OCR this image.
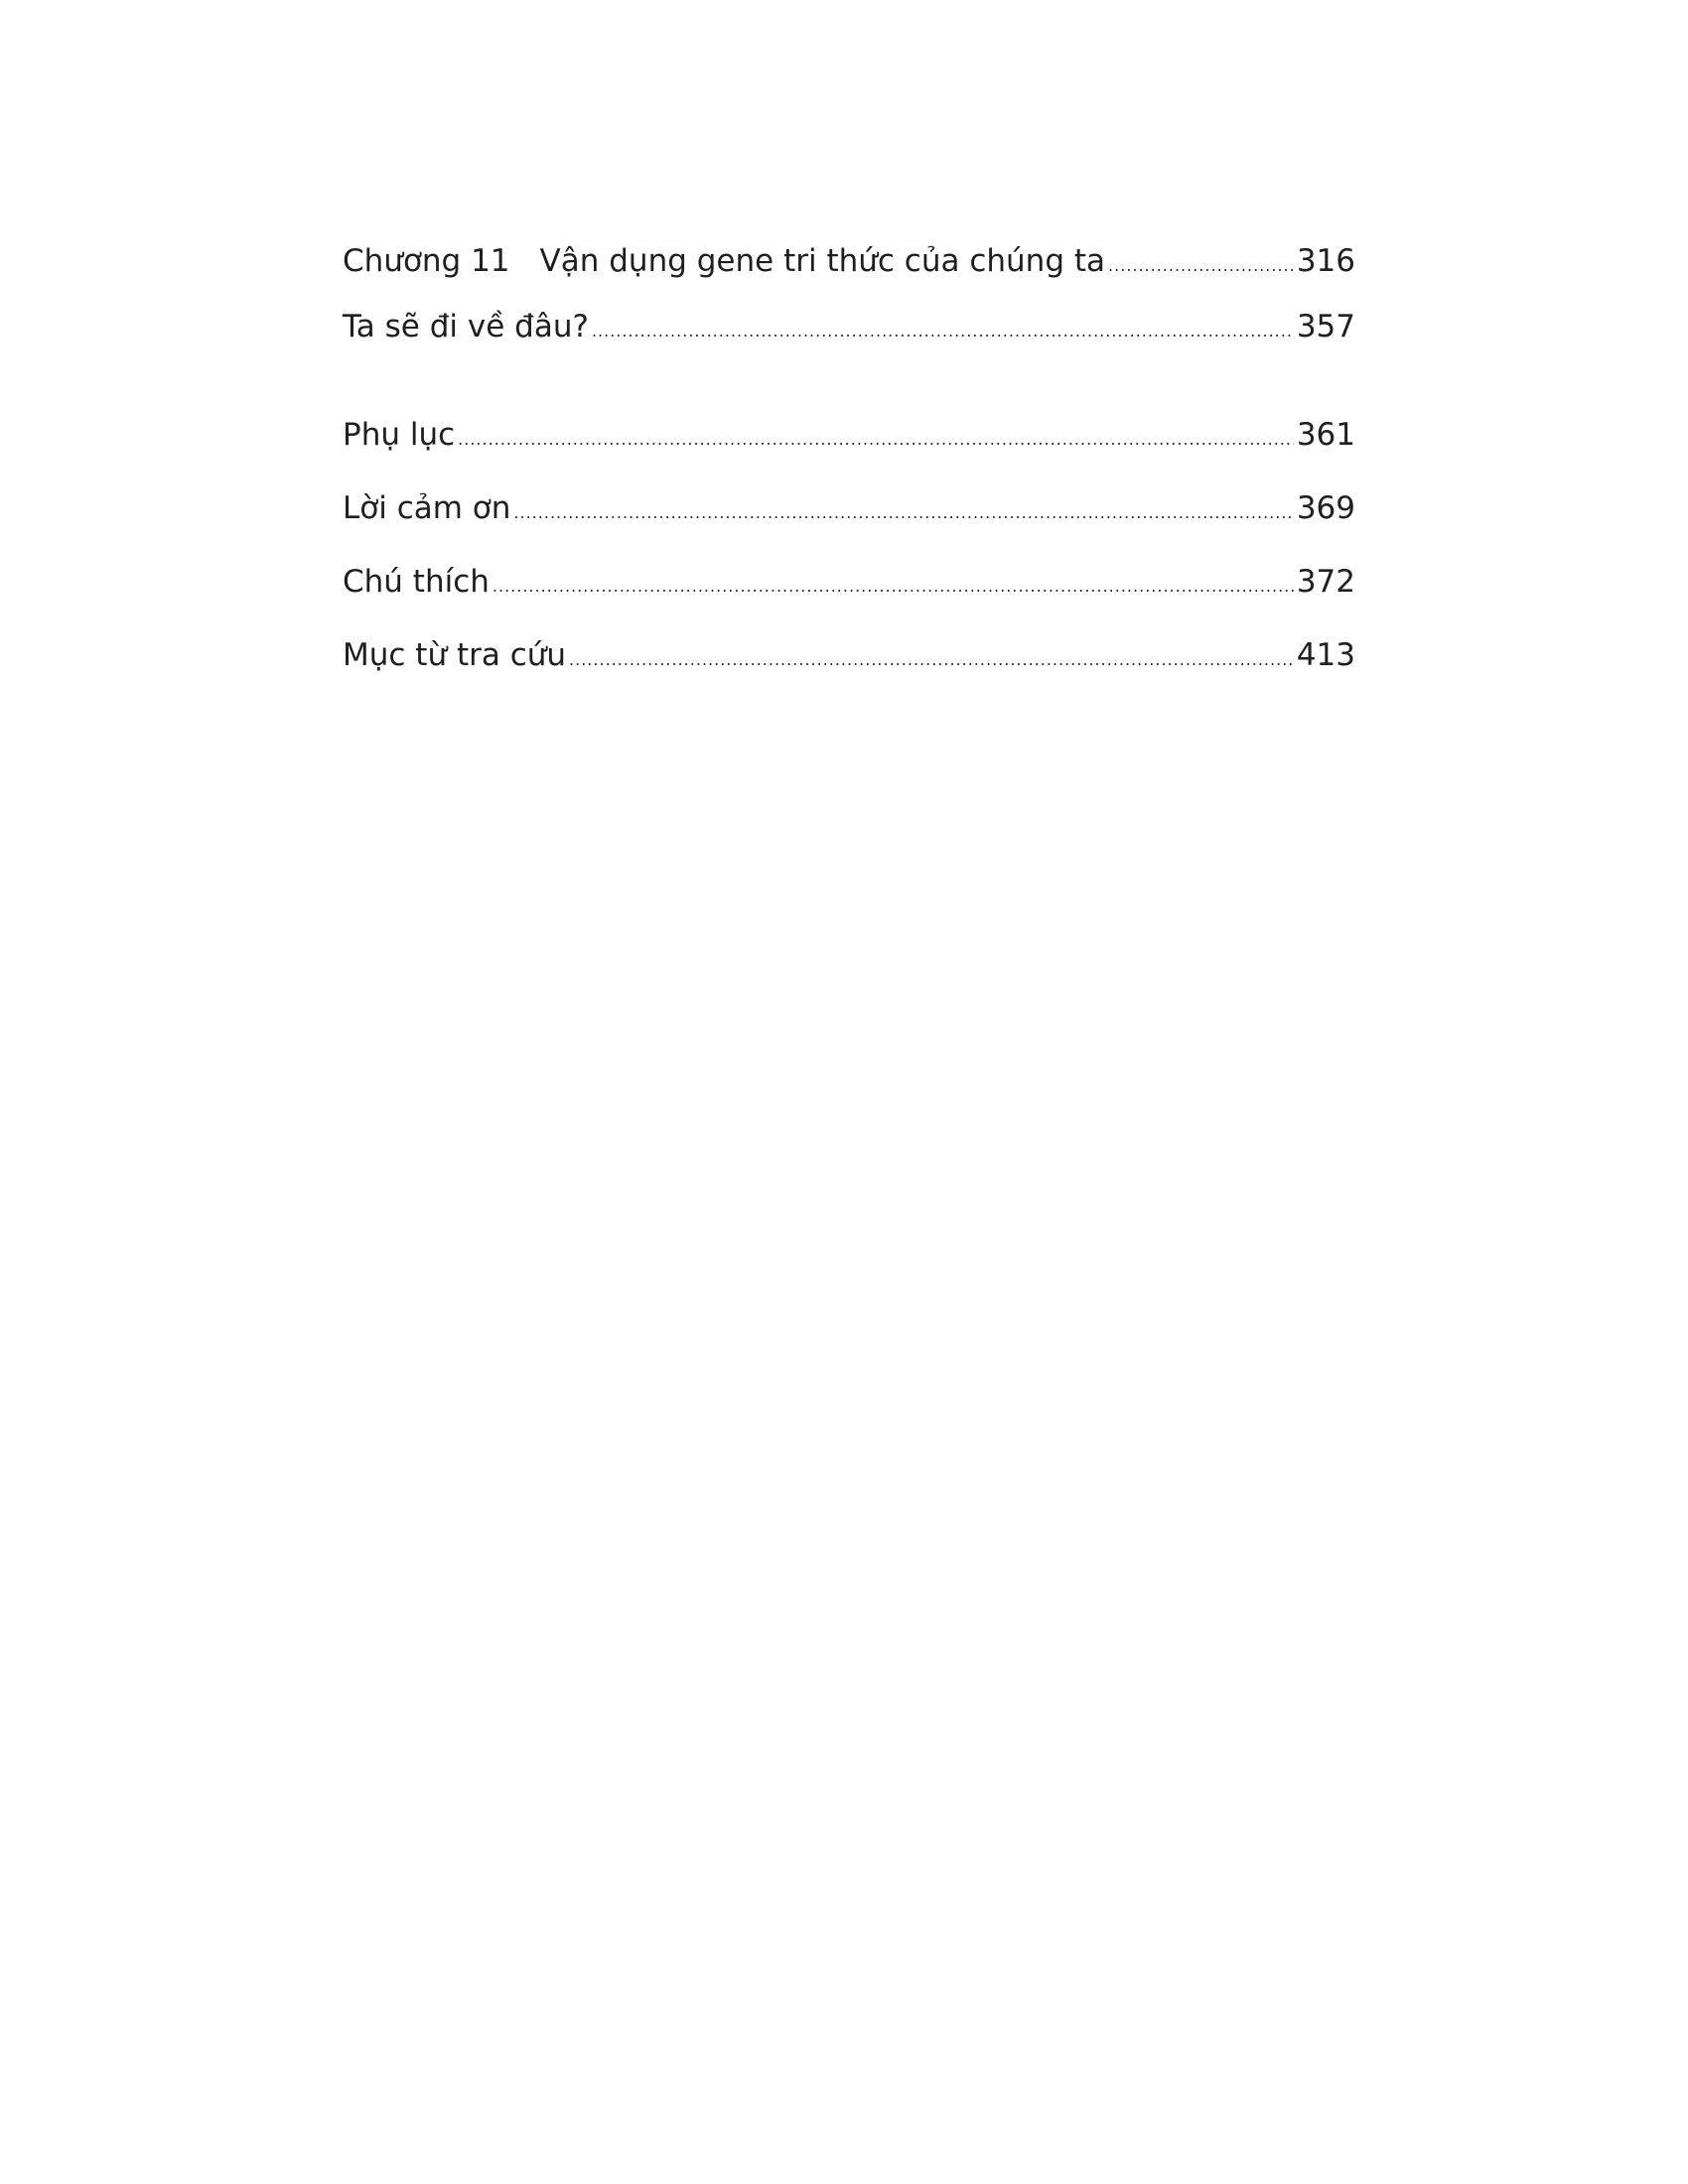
Chương 11 Vận dụng gene tri thức của chúng ta .....	316
Ta sẽ đi về đâu? .....	357
Phụ lục .....	361
Lời cảm ơn .....	369
Chú thích .....	372
Mục từ tra cứu .....	413
